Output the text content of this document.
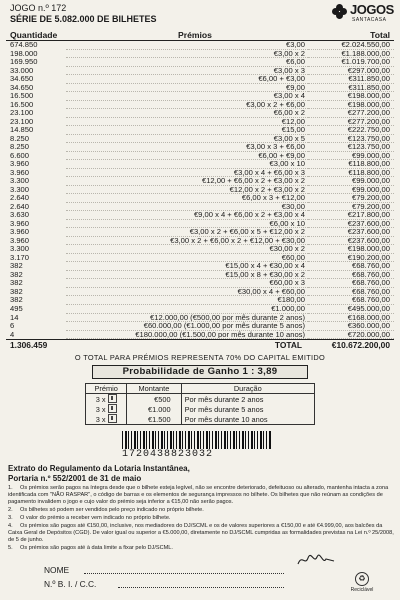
JOGO n.º 172
SÉRIE DE 5.082.000 DE BILHETES
JOGOS
SANTACASA
Quantidade	Prémios	Total
674.850	€3,00	€2.024.550,00
198.000	€3,00 x 2	€1.188.000,00
169.950	€6,00	€1.019.700,00
33.000	€3,00 x 3	€297.000,00
34.650	€6,00 + €3,00	€311.850,00
34.650	€9,00	€311.850,00
16.500	€3,00 x 4	€198.000,00
16.500	€3,00 x 2 + €6,00	€198.000,00
23.100	€6,00 x 2	€277.200,00
23.100	€12,00	€277.200,00
14.850	€15,00	€222.750,00
8.250	€3,00 x 5	€123.750,00
8.250	€3,00 x 3 + €6,00	€123.750,00
6.600	€6,00 + €9,00	€99.000,00
3.960	€3,00 x 10	€118.800,00
3.960	€3,00 x 4 + €6,00 x 3	€118.800,00
3.300	€12,00 + €6,00 x 2 + €3,00 x 2	€99.000,00
3.300	€12,00 x 2 + €3,00 x 2	€99.000,00
2.640	€6,00 x 3 + €12,00	€79.200,00
2.640	€30,00	€79.200,00
3.630	€9,00 x 4 + €6,00 x 2 + €3,00 x 4	€217.800,00
3.960	€6,00 x 10	€237.600,00
3.960	€3,00 x 2 + €6,00 x 5 + €12,00 x 2	€237.600,00
3.960	€3,00 x 2 + €6,00 x 2 + €12,00 + €30,00	€237.600,00
3.300	€30,00 x 2	€198.000,00
3.170	€60,00	€190.200,00
382	€15,00 x 4 + €30,00 x 4	€68.760,00
382	€15,00 x 8 + €30,00 x 2	€68.760,00
382	€60,00 x 3	€68.760,00
382	€30,00 x 4 + €60,00	€68.760,00
382	€180,00	€68.760,00
495	€1.000,00	€495.000,00
14	€12.000,00 (€500,00 por mês durante 2 anos)	€168.000,00
6	€60.000,00 (€1.000,00 por mês durante 5 anos)	€360.000,00
4	€180.000,00 (€1.500,00 por mês durante 10 anos)	€720.000,00
1.306.459	TOTAL	€10.672.200,00
O TOTAL PARA PRÉMIOS REPRESENTA 70% DO CAPITAL EMITIDO
Probabilidade de Ganho 1 : 3,89
Prémio	Montante	Duração
3 x	€500	Por mês durante 2 anos
3 x	€1.000	Por mês durante 5 anos
3 x	€1.500	Por mês durante 10 anos
1720438823032
Extrato do Regulamento da Lotaria Instantânea,
Portaria n.º 552/2001 de 31 de maio
1. Os prémios serão pagos na íntegra desde que o bilhete esteja legível, não se encontre deteriorado, defeituoso ou alterado, mantenha intacta a zona identificada com "NÃO RASPAR", o código de barras e os elementos de segurança impressos no bilhete. Os bilhetes que não reúnam as condições de pagamento invalidem o jogo e cujo valor do prémio seja inferior a €15,00 não serão pagos.
2. Os bilhetes só podem ser vendidos pelo preço indicado no próprio bilhete.
3. O valor do prémio a receber vem indicado no próprio bilhete.
4. Os prémios são pagos até €150,00, inclusive, nos mediadores do DJ/SCML e os de valores superiores a €150,00 e até €4.999,00, aos balcões da Caixa Geral de Depósitos (CGD). De valor igual ou superior a €5.000,00, diretamente no DJ/SCML cumpridas as formalidades previstas na Lei n.º 25/2008, de 5 de junho.
5. Os prémios são pagos até à data limite a fixar pelo DJ/SCML.
♻
Reciclável
NOME
N.º B. I. / C.C.
